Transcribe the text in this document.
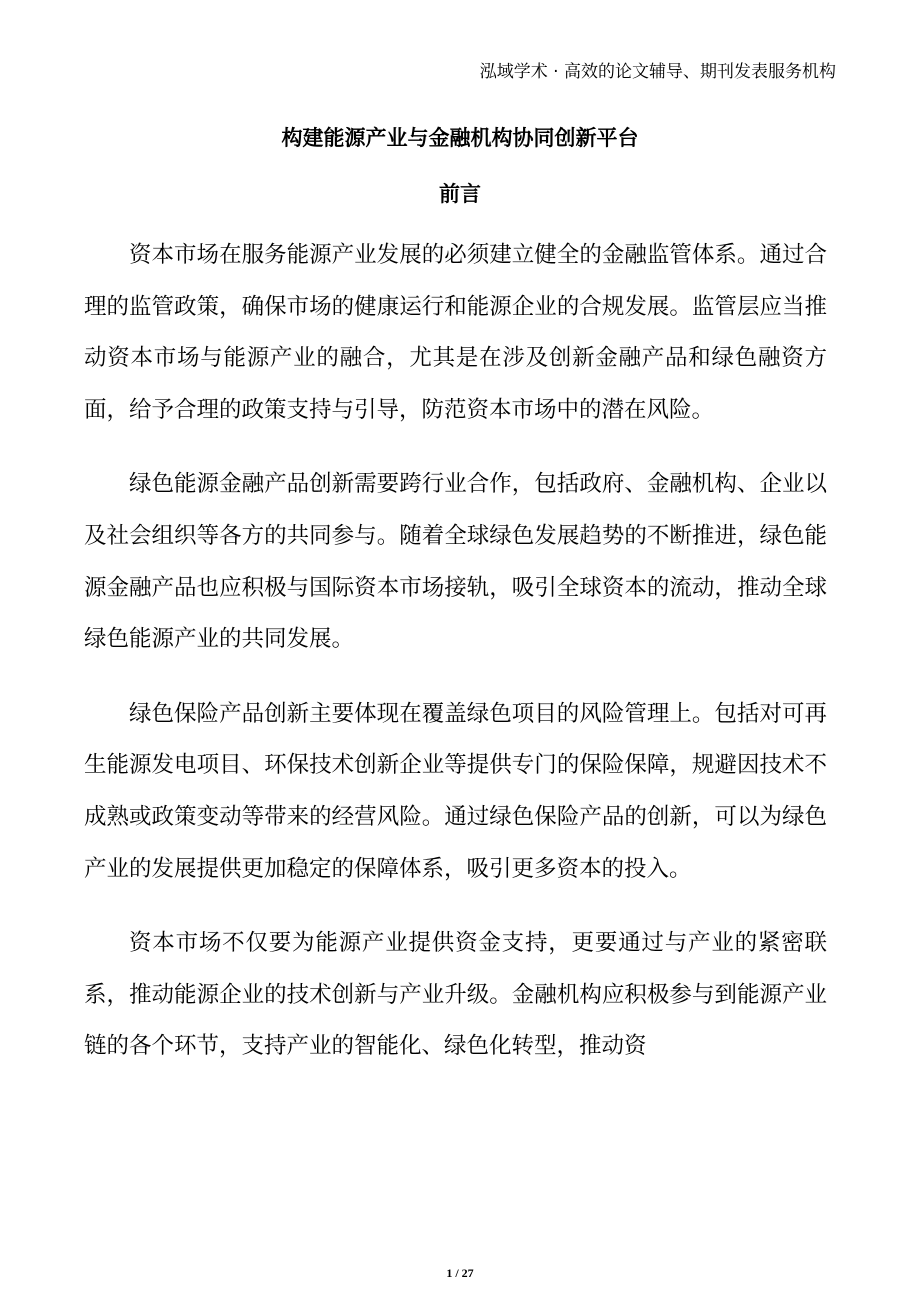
泓域学术 · 高效的论文辅导、期刊发表服务机构
构建能源产业与金融机构协同创新平台
前言

资本市场在服务能源产业发展的必须建立健全的金融监管体系。通过合理的监管政策，确保市场的健康运行和能源企业的合规发展。监管层应当推动资本市场与能源产业的融合，尤其是在涉及创新金融产品和绿色融资方面，给予合理的政策支持与引导，防范资本市场中的潜在风险。

绿色能源金融产品创新需要跨行业合作，包括政府、金融机构、企业以及社会组织等各方的共同参与。随着全球绿色发展趋势的不断推进，绿色能源金融产品也应积极与国际资本市场接轨，吸引全球资本的流动，推动全球绿色能源产业的共同发展。

绿色保险产品创新主要体现在覆盖绿色项目的风险管理上。包括对可再生能源发电项目、环保技术创新企业等提供专门的保险保障，规避因技术不成熟或政策变动等带来的经营风险。通过绿色保险产品的创新，可以为绿色产业的发展提供更加稳定的保障体系，吸引更多资本的投入。

资本市场不仅要为能源产业提供资金支持，更要通过与产业的紧密联系，推动能源企业的技术创新与产业升级。金融机构应积极参与到能源产业链的各个环节，支持产业的智能化、绿色化转型，推动资

1 / 27
